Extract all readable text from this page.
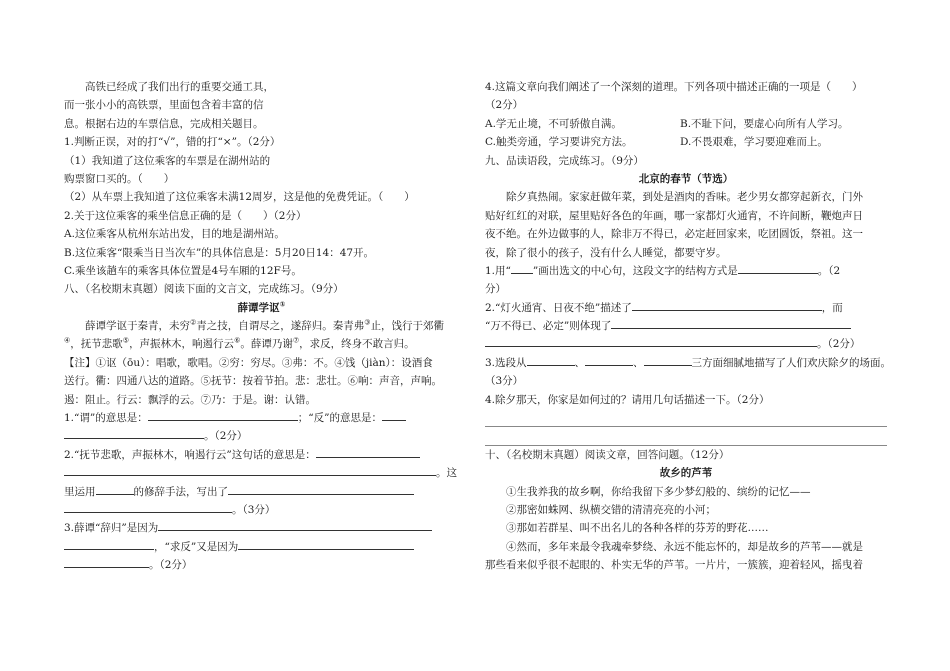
高铁已经成了我们出行的重要交通工具，
而一张小小的高铁票，里面包含着丰富的信
息。根据右边的车票信息，完成相关题目。
1.判断正误，对的打“√”，错的打“×”。（2分）
（1）我知道了这位乘客的车票是在湖州站的
购票窗口买的。（　　）
（2）从车票上我知道了这位乘客未满12周岁，这是他的免费凭证。（　　）
2.关于这位乘客的乘坐信息正确的是（　　）（2分）
A.这位乘客从杭州东站出发，目的地是湖州站。
B.这位乘客“限乘当日当次车”的具体信息是：5月20日14：47开。
C.乘坐该趟车的乘客具体位置是4号车厢的12F号。
八、（名校期末真题）阅读下面的文言文，完成练习。（9分）
薛谭学讴①
薛谭学讴于秦青，未穷②青之技，自谓尽之，遂辞归。秦青弗③止，饯行于郊衢
④，抚节悲歌⑤，声振林木，响遏行云⑥。薛谭乃谢⑦，求反，终身不敢言归。
【注】①讴（ōu）：唱歌，歌唱。②穷：穷尽。③弗：不。④饯（jiàn）：设酒食
送行。衢：四通八达的道路。⑤抚节：按着节拍。悲：悲壮。⑥响：声音，声响。
遏：阻止。行云：飘浮的云。⑦乃：于是。谢：认错。
1.“谓”的意思是：	；“反”的意思是：
。（2分）
2.“抚节悲歌，声振林木，响遏行云”这句话的意思是：
。这
里运用	的修辞手法，写出了
。（3分）
3.薛谭“辞归”是因为
，“求反”又是因为
。（2分）
4.这篇文章向我们阐述了一个深刻的道理。下列各项中描述正确的一项是（　　）
（2分）
A.学无止境，不可骄傲自满。	B.不耻下问，要虚心向所有人学习。
C.触类旁通，学习要讲究方法。	D.不畏艰难，学习要迎难而上。
九、品读语段，完成练习。（9分）
北京的春节（节选）
除夕真热闹。家家赶做年菜，到处是酒肉的香味。老少男女都穿起新衣，门外
贴好红红的对联，屋里贴好各色的年画，哪一家都灯火通宵，不许间断，鞭炮声日
夜不绝。在外边做事的人，除非万不得已，必定赶回家来，吃团圆饭，祭祖。这一
夜，除了很小的孩子，没有什么人睡觉，都要守岁。
1.用“ ”画出选文的中心句，这段文字的结构方式是	。（2
分）
2.“灯火通宵、日夜不绝”描述了	，而
“万不得已、必定”则体现了
。（2分）
3.选段从	、	、	三方面细腻地描写了人们欢庆除夕的场面。
（3分）
4.除夕那天，你家是如何过的？请用几句话描述一下。（2分）
十、（名校期末真题）阅读文章，回答问题。（12分）
故乡的芦苇
①生我养我的故乡啊，你给我留下多少梦幻般的、缤纷的记忆——
②那密如蛛网、纵横交错的清清亮亮的小河；
③那如若群星、叫不出名儿的各种各样的芬芳的野花……
④然而，多年来最令我魂牵梦绕、永远不能忘怀的，却是故乡的芦苇——就是
那些看来似乎很不起眼的、朴实无华的芦苇。一片片，一簇簇，迎着轻风，摇曳着
